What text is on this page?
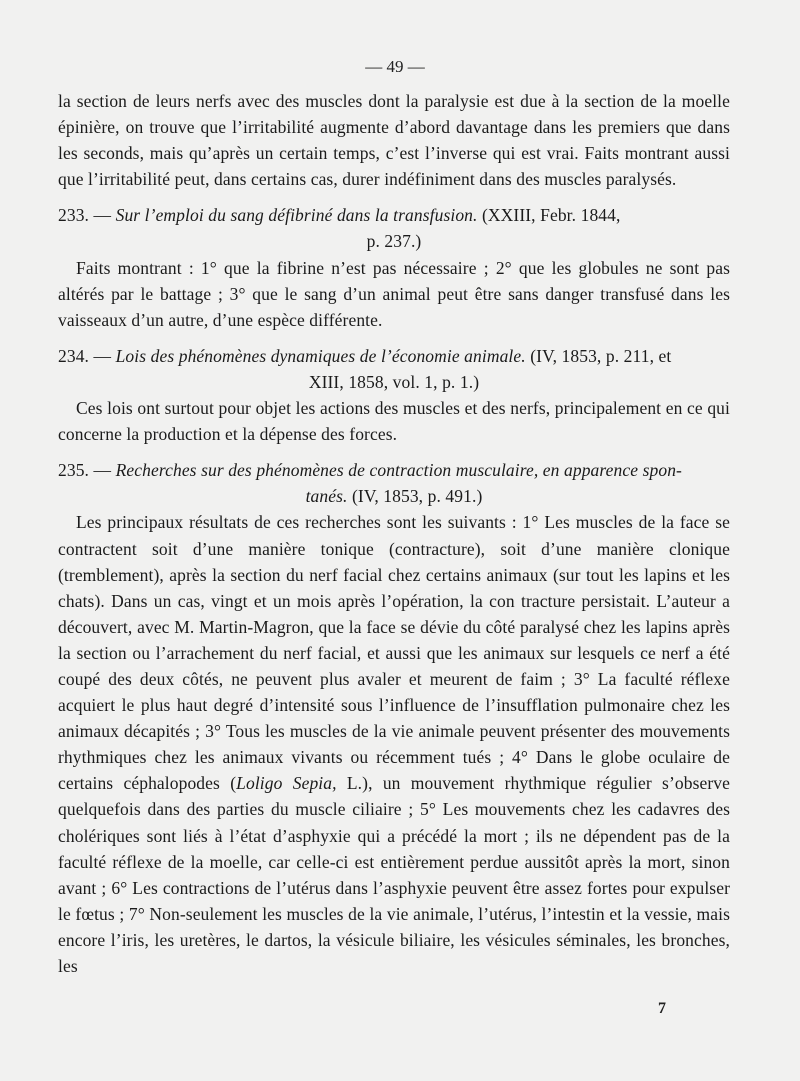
— 49 —

la section de leurs nerfs avec des muscles dont la paralysie est due à la section de la moelle épinière, on trouve que l’irritabilité augmente d’abord davantage dans les premiers que dans les seconds, mais qu’après un certain temps, c’est l’inverse qui est vrai. Faits montrant aussi que l’irritabilité peut, dans certains cas, durer indéfiniment dans des muscles paralysés.

233. — Sur l’emploi du sang défibriné dans la transfusion. (XXIII, Febr. 1844,
p. 237.)

Faits montrant : 1° que la fibrine n’est pas nécessaire ; 2° que les globules ne sont pas altérés par le battage ; 3° que le sang d’un animal peut être sans danger transfusé dans les vaisseaux d’un autre, d’une espèce différente.

234. — Lois des phénomènes dynamiques de l’économie animale. (IV, 1853, p. 211, et
XIII, 1858, vol. 1, p. 1.)

Ces lois ont surtout pour objet les actions des muscles et des nerfs, principalement en ce qui concerne la production et la dépense des forces.

235. — Recherches sur des phénomènes de contraction musculaire, en apparence spon-
tanés. (IV, 1853, p. 491.)

Les principaux résultats de ces recherches sont les suivants : 1° Les muscles de la face se contractent soit d’une manière tonique (contracture), soit d’une manière clonique (tremblement), après la section du nerf facial chez certains animaux (sur tout les lapins et les chats). Dans un cas, vingt et un mois après l’opération, la con tracture persistait. L’auteur a découvert, avec M. Martin-Magron, que la face se dévie du côté paralysé chez les lapins après la section ou l’arrachement du nerf facial, et aussi que les animaux sur lesquels ce nerf a été coupé des deux côtés, ne peuvent plus avaler et meurent de faim ; 3° La faculté réflexe acquiert le plus haut degré d’intensité sous l’influence de l’insufflation pulmonaire chez les animaux décapités ; 3° Tous les muscles de la vie animale peuvent présenter des mouvements rhythmiques chez les animaux vivants ou récemment tués ; 4° Dans le globe oculaire de certains céphalopodes (Loligo Sepia, L.), un mouvement rhythmique régulier s’observe quelquefois dans des parties du muscle ciliaire ; 5° Les mouvements chez les cadavres des cholériques sont liés à l’état d’asphyxie qui a précédé la mort ; ils ne dépendent pas de la faculté réflexe de la moelle, car celle-ci est entièrement perdue aussitôt après la mort, sinon avant ; 6° Les contractions de l’utérus dans l’asphyxie peuvent être assez fortes pour expulser le fœtus ; 7° Non-seulement les muscles de la vie animale, l’utérus, l’intestin et la vessie, mais encore l’iris, les uretères, le dartos, la vésicule biliaire, les vésicules séminales, les bronches, les

7
